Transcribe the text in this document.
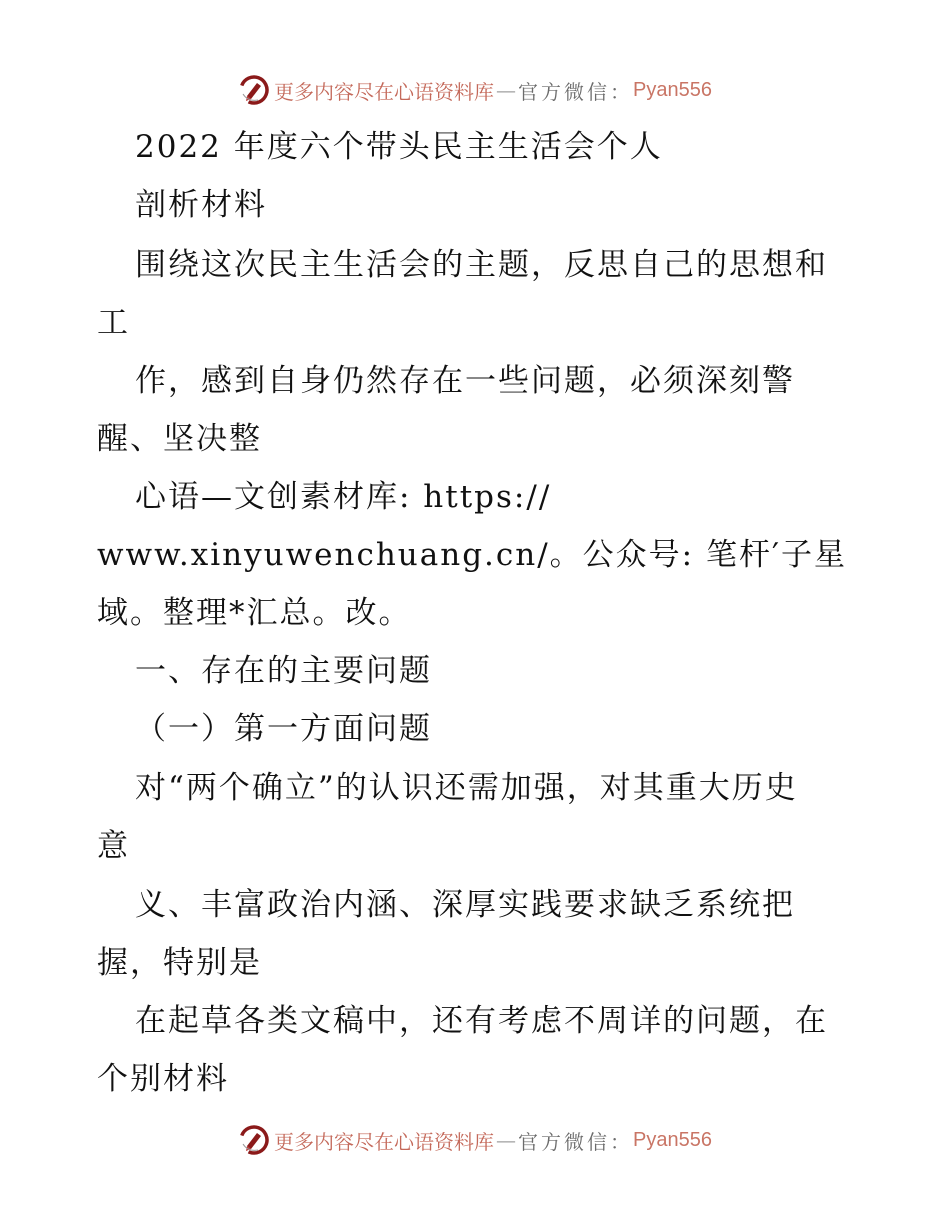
更多内容尽在心语资料库 — 官方微信： Pyan556
2022 年度六个带头民主生活会个人
剖析材料
围绕这次民主生活会的主题，反思自己的思想和
工
作，感到自身仍然存在一些问题，必须深刻警
醒、坚决整
心语—文创素材库: https://
www.xinyuwenchuang.cn/。公众号: 笔杆′子星
域。整理*汇总。改。
一、存在的主要问题
（一）第一方面问题
对“两个确立”的认识还需加强，对其重大历史
意
义、丰富政治内涵、深厚实践要求缺乏系统把
握，特别是
在起草各类文稿中，还有考虑不周详的问题，在
个别材料
更多内容尽在心语资料库 — 官方微信： Pyan556
